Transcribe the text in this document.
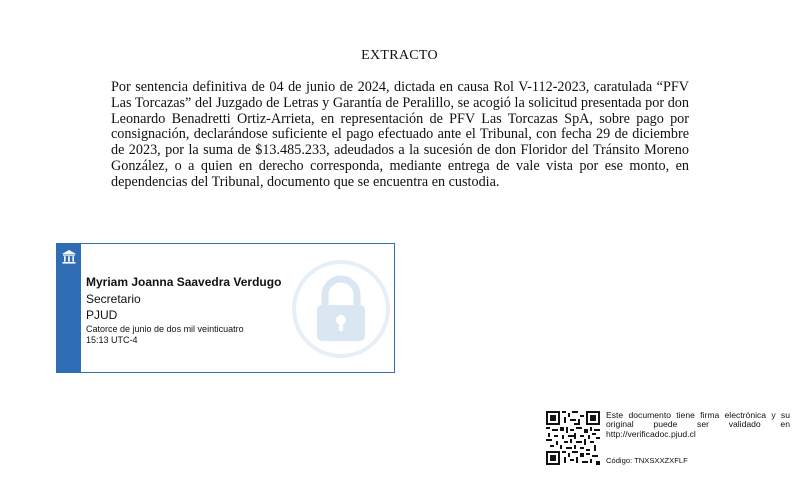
EXTRACTO

Por sentencia definitiva de 04 de junio de 2024, dictada en causa Rol V-112-2023, caratulada “PFV Las Torcazas” del Juzgado de Letras y Garantía de Peralillo, se acogió la solicitud presentada por don Leonardo Benadretti Ortiz-Arrieta, en representación de PFV Las Torcazas SpA, sobre pago por consignación, declarándose suficiente el pago efectuado ante el Tribunal, con fecha 29 de diciembre de 2023, por la suma de $13.485.233, adeudados a la sucesión de don Floridor del Tránsito Moreno González, o a quien en derecho corresponda, mediante entrega de vale vista por ese monto, en dependencias del Tribunal, documento que se encuentra en custodia.

Myriam Joanna Saavedra Verdugo
Secretario
PJUD
Catorce de junio de dos mil veinticuatro
15:13 UTC-4
Este documento tiene firma electrónica y su original puede ser validado en http://verificadoc.pjud.cl
Código: TNXSXXZXFLF
